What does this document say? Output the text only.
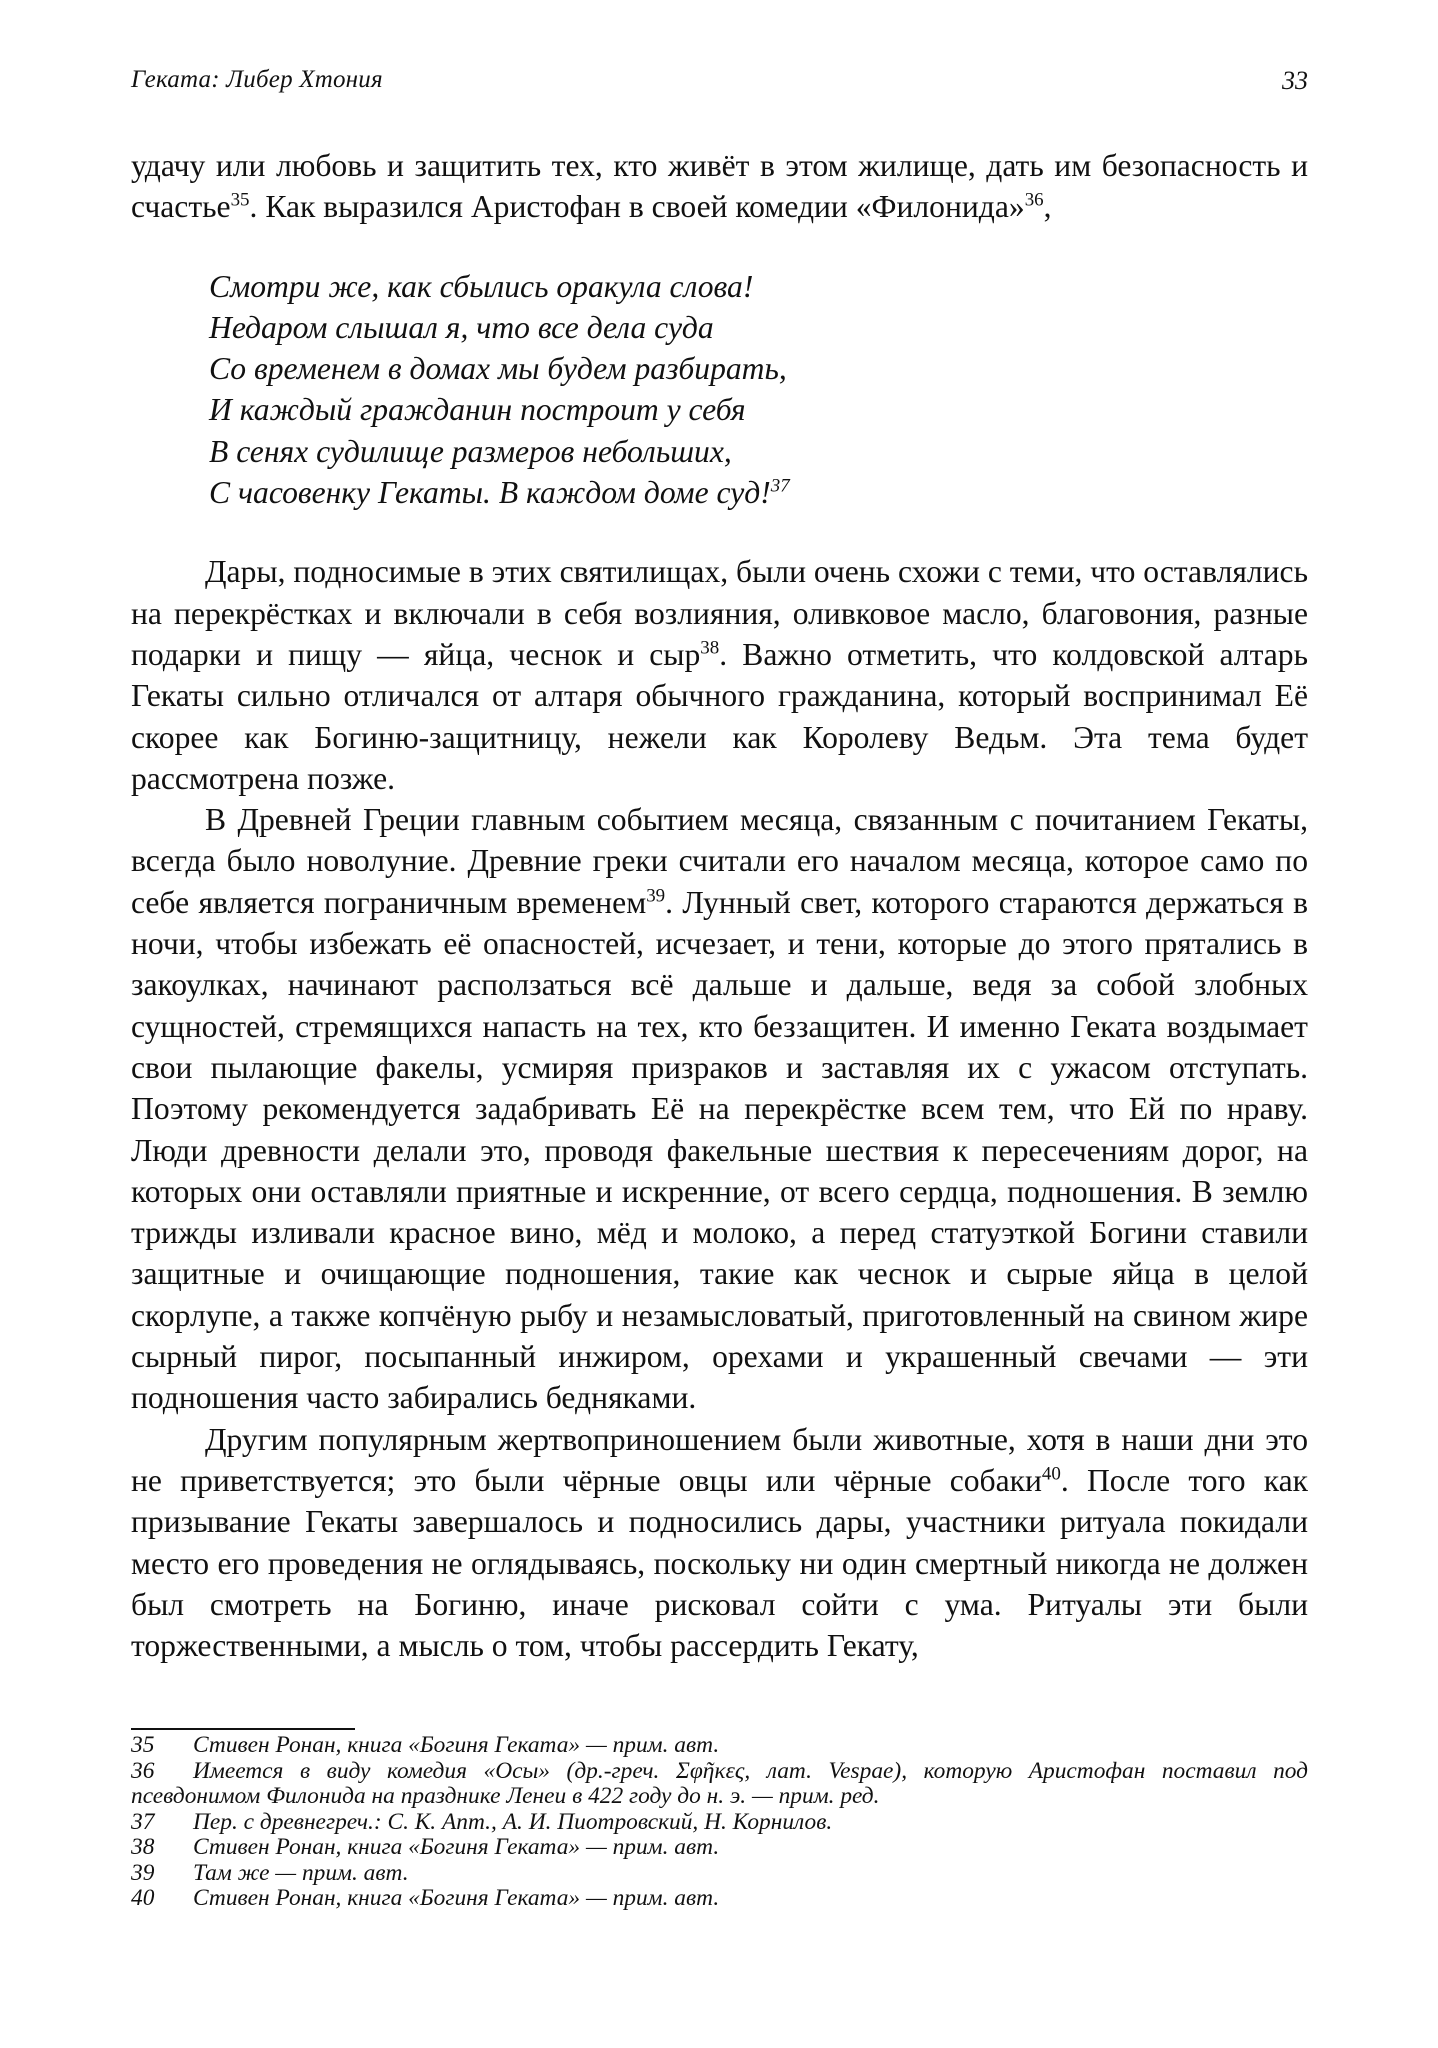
Геката: Либер Хтония	33

удачу или любовь и защитить тех, кто живёт в этом жилище, дать им безопасность и счастье$^{35}$. Как выразился Аристофан в своей комедии «Филонида»$^{36}$,

Смотри же, как сбылись оракула слова!
Недаром слышал я, что все дела суда
Со временем в домах мы будем разбирать,
И каждый гражданин построит у себя
В сенях судилище размеров небольших,
С часовенку Гекаты. В каждом доме суд!$^{37}$

Дары, подносимые в этих святилищах, были очень схожи с теми, что оставлялись на перекрёстках и включали в себя возлияния, оливковое масло, благовония, разные подарки и пищу — яйца, чеснок и сыр$^{38}$. Важно отметить, что колдовской алтарь Гекаты сильно отличался от алтаря обычного граждaнина, который воспринимал Её скорее как Богиню-защитницу, нежели как Королеву Ведьм. Эта тема будет рассмотрена позже.

В Древней Греции главным событием месяца, связанным с почитанием Гекаты, всегда было новолуние. Древние греки считали его началом месяца, которое само по себе является пограничным временем$^{39}$. Лунный свет, которого стараются держаться в ночи, чтобы избежать её опасностей, исчезает, и тени, которые до этого прятались в закоулках, начинают расползаться всё дальше и дальше, ведя за собой злобных сущностей, стремящихся напасть на тех, кто беззащитен. И именно Геката воздымает свои пылающие факелы, усмиряя призраков и заставляя их с ужасом отступать. Поэтому рекомендуется задабривать Её на перекрёстке всем тем, что Ей по нраву. Люди древности делали это, проводя факельные шествия к пересечениям дорог, на которых они оставляли приятные и искренние, от всего сердца, подношения. В землю трижды изливали красное вино, мёд и молоко, а перед статуэткой Богини ставили защитные и очищающие подношения, такие как чеснок и сырые яйца в целой скорлупе, а также копчёную рыбу и незамысловатый, приготовленный на свином жире сырный пирог, посыпанный инжиром, орехами и украшенный свечами — эти подношения часто забирались бедняками.

Другим популярным жертвоприношением были животные, хотя в наши дни это не приветствуется; это были чёрные овцы или чёрные собаки$^{40}$. После того как призывание Гекаты завершалось и подносились дары, участники ритуала покидали место его проведения не оглядываясь, поскольку ни один смертный никогда не должен был смотреть на Богиню, иначе рисковал сойти с ума. Ритуалы эти были торжественными, а мысль о том, чтобы рассердить Гекату,

35 Стивен Ронан, книга «Богиня Геката» — прим. авт.
36 Имеется в виду комедия «Осы» (др.-греч. Σφῆκες, лат. Vespae), которую Аристофан поставил под псевдонимом Филонида на празднике Ленеи в 422 году до н. э. — прим. ред.
37 Пер. с древнегреч.: С. К. Апт., А. И. Пиотровский, Н. Корнилов.
38 Стивен Ронан, книга «Богиня Геката» — прим. авт.
39 Там же — прим. авт.
40 Стивен Ронан, книга «Богиня Геката» — прим. авт.
